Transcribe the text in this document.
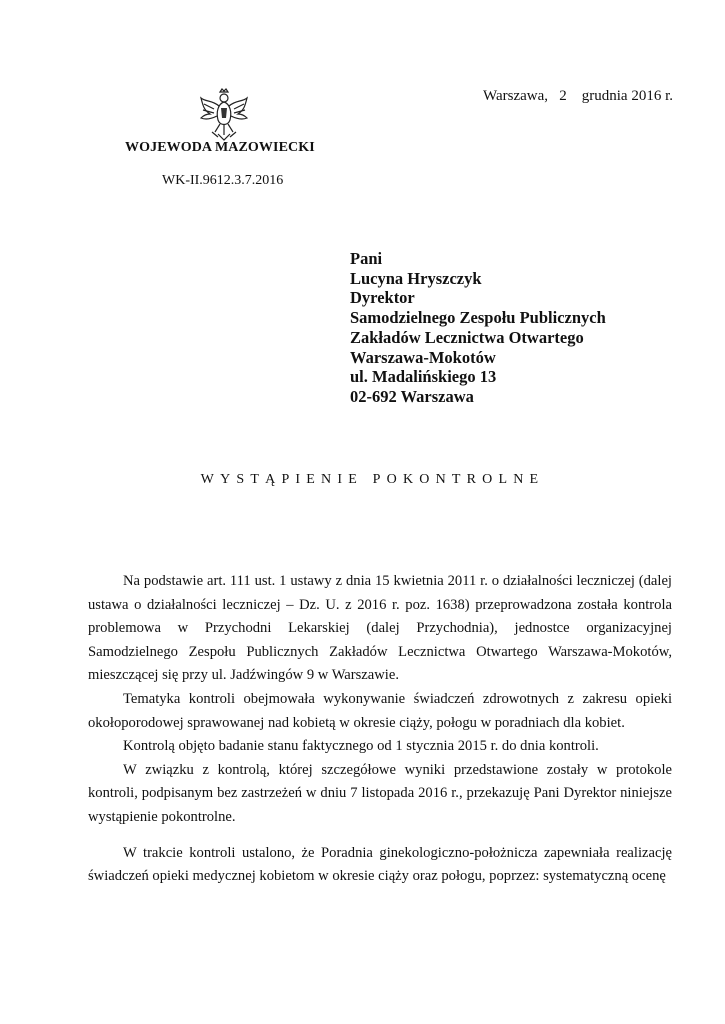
WOJEWODA MAZOWIECKI
WK-II.9612.3.7.2016
Warszawa,   2    grudnia 2016 r.
Pani
Lucyna Hryszczyk
Dyrektor
Samodzielnego Zespołu Publicznych
Zakładów Lecznictwa Otwartego
Warszawa-Mokotów
ul. Madalińskiego 13
02-692 Warszawa
WYSTĄPIENIE POKONTROLNE

Na podstawie art. 111 ust. 1 ustawy z dnia 15 kwietnia 2011 r. o działalności leczniczej (dalej ustawa o działalności leczniczej – Dz. U. z 2016 r. poz. 1638) przeprowadzona została kontrola problemowa w Przychodni Lekarskiej (dalej Przychodnia), jednostce organizacyjnej Samodzielnego Zespołu Publicznych Zakładów Lecznictwa Otwartego Warszawa-Mokotów, mieszczącej się przy ul. Jadźwingów 9 w Warszawie.

Tematyka kontroli obejmowała wykonywanie świadczeń zdrowotnych z zakresu opieki okołoporodowej sprawowanej nad kobietą w okresie ciąży, połogu w poradniach dla kobiet.

Kontrolą objęto badanie stanu faktycznego od 1 stycznia 2015 r. do dnia kontroli.

W związku z kontrolą, której szczegółowe wyniki przedstawione zostały w protokole kontroli, podpisanym bez zastrzeżeń w dniu 7 listopada 2016 r., przekazuję Pani Dyrektor niniejsze wystąpienie pokontrolne.

W trakcie kontroli ustalono, że Poradnia ginekologiczno-położnicza zapewniała realizację świadczeń opieki medycznej kobietom w okresie ciąży oraz połogu, poprzez: systematyczną ocenę
